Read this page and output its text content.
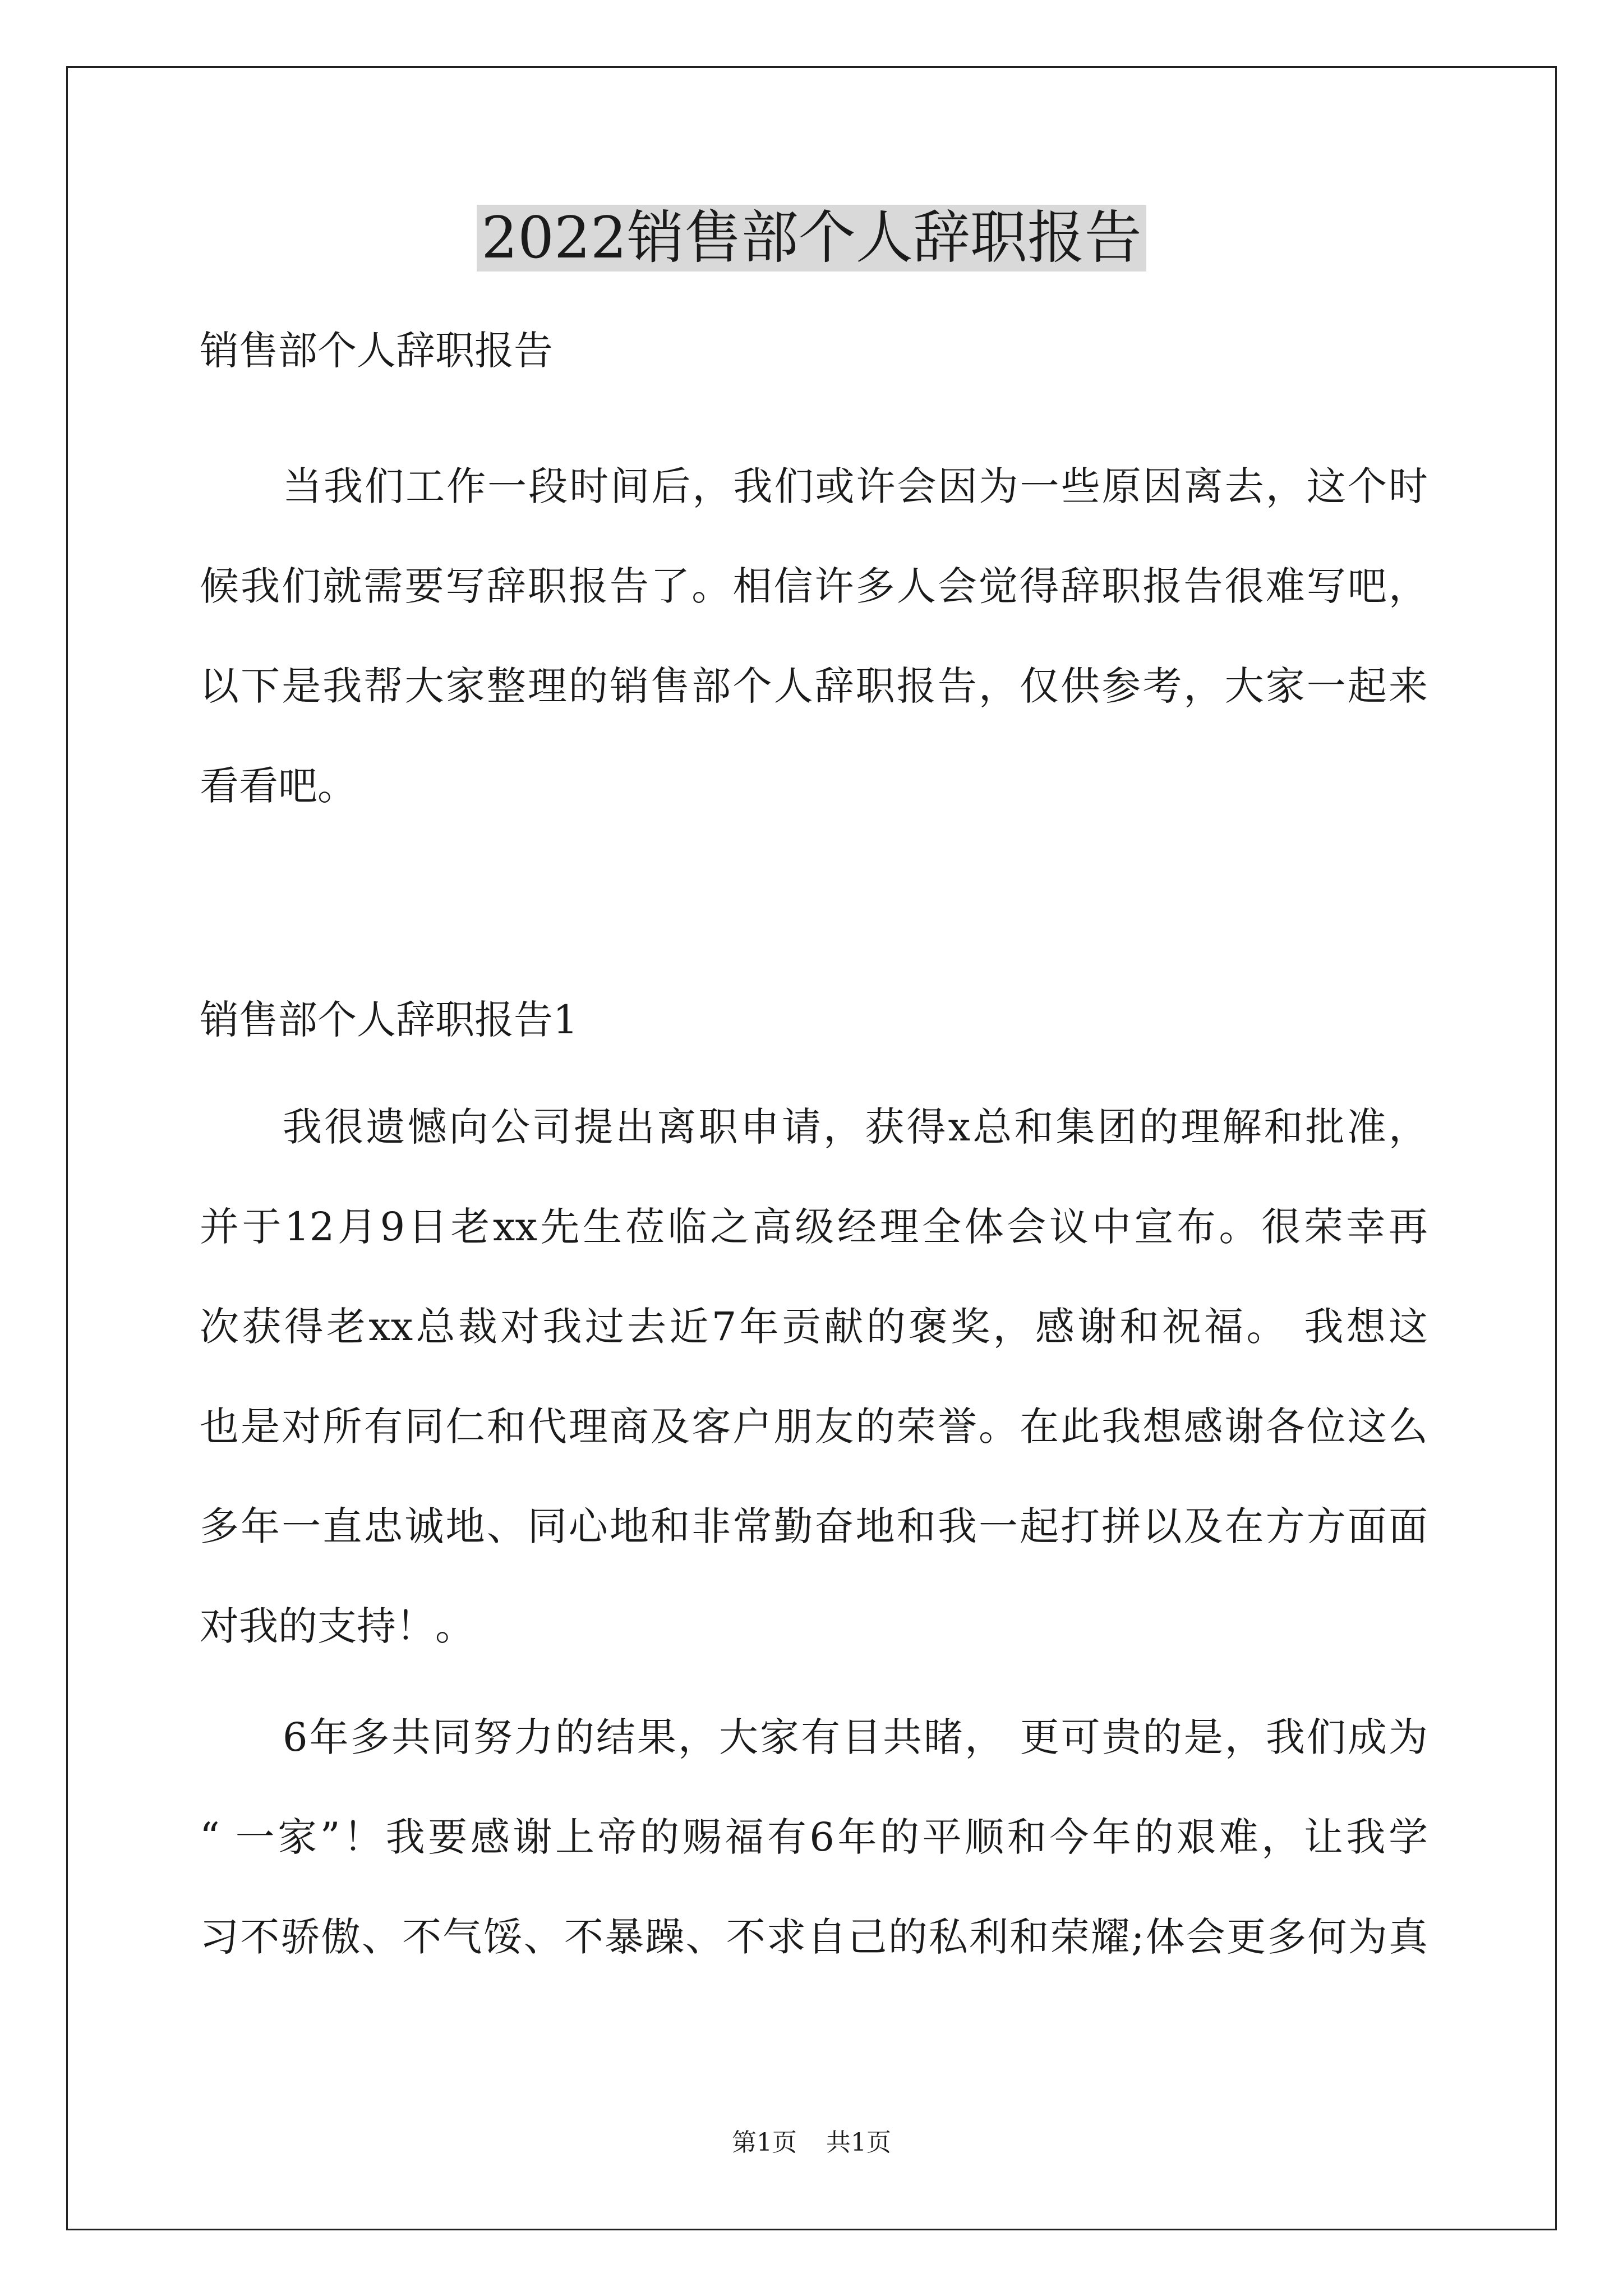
2022销售部个人辞职报告
销售部个人辞职报告
当我们工作一段时间后，我们或许会因为一些原因离去，这个时
候我们就需要写辞职报告了。相信许多人会觉得辞职报告很难写吧，
以下是我帮大家整理的销售部个人辞职报告，仅供参考，大家一起来
看看吧。
销售部个人辞职报告1
我很遗憾向公司提出离职申请，获得x总和集团的理解和批准，
并于12月9日老xx先生莅临之高级经理全体会议中宣布。很荣幸再
次获得老xx总裁对我过去近7年贡献的褒奖，感谢和祝福。 我想这
也是对所有同仁和代理商及客户朋友的荣誉。在此我想感谢各位这么
多年一直忠诚地、同心地和非常勤奋地和我一起打拼以及在方方面面
对我的支持！。
6年多共同努力的结果，大家有目共睹， 更可贵的是，我们成为
“ 一家”！我要感谢上帝的赐福有6年的平顺和今年的艰难，让我学
习不骄傲、不气馁、不暴躁、不求自己的私利和荣耀;体会更多何为真
第1页 共1页
